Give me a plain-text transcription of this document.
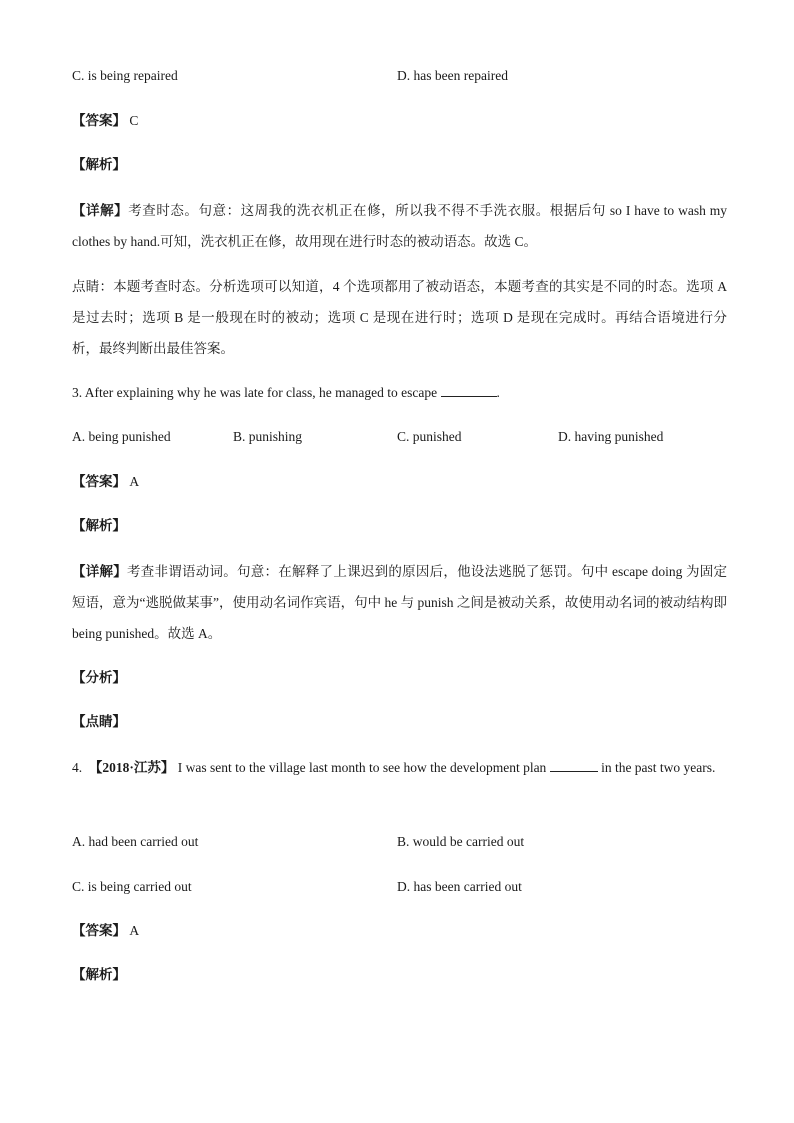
C. is being repaired	D. has been repaired
【答案】 C
【解析】
【详解】考查时态。句意：这周我的洗衣机正在修，所以我不得不手洗衣服。根据后句 so I have to wash my clothes by hand.可知，洗衣机正在修，故用现在进行时态的被动语态。故选 C。
点睛：本题考查时态。分析选项可以知道，4 个选项都用了被动语态，本题考查的其实是不同的时态。选项 A 是过去时；选项 B 是一般现在时的被动；选项 C 是现在进行时；选项 D 是现在完成时。再结合语境进行分析，最终判断出最佳答案。
3. After explaining why he was late for class, he managed to escape	.
A. being punished	B. punishing	C. punished	D. having punished
【答案】 A
【解析】
【详解】考查非谓语动词。句意：在解释了上课迟到的原因后，他设法逃脱了惩罚。句中 escape doing 为固定短语，意为“逃脱做某事”，使用动名词作宾语，句中 he 与 punish 之间是被动关系，故使用动名词的被动结构即 being punished。故选 A。
【分析】
【点睛】
4. 【2018·江苏】 I was sent to the village last month to see how the development plan	in the past two years.
A. had been carried out	B. would be carried out
C. is being carried out	D. has been carried out
【答案】 A
【解析】
